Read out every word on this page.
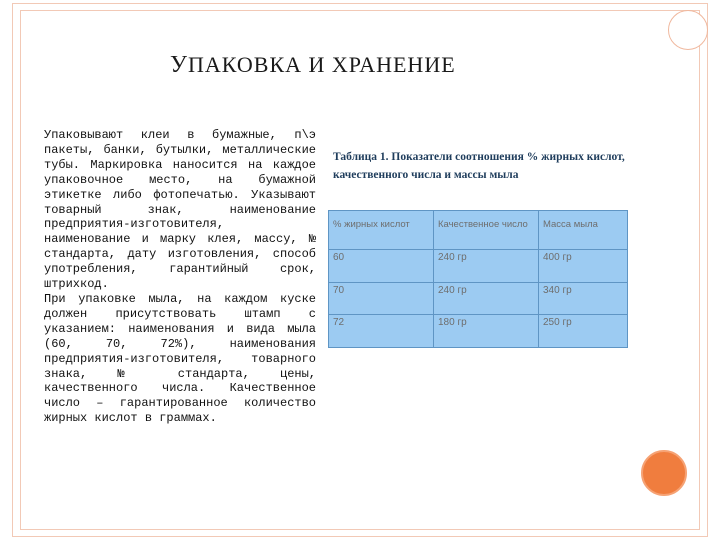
УПАКОВКА И ХРАНЕНИЕ

Упаковывают клеи в бумажные, п\э пакеты, банки, бутылки, металлические тубы. Маркировка наносится на каждое упаковочное место, на бумажной этикетке либо фотопечатью. Указывают товарный знак, наименование предприятия-изготовителя, наименование и марку клея, массу, № стандарта, дату изготовления, способ употребления, гарантийный срок, штрихкод.

При упаковке мыла, на каждом куске должен присутствовать штамп с указанием: наименования и вида мыла (60, 70, 72%), наименования предприятия-изготовителя, товарного знака, № стандарта, цены, качественного числа. Качественное число – гарантированное количество жирных кислот в граммах.

Таблица 1. Показатели соотношения % жирных кислот, качественного числа и массы мыла
% жирных кислот	Качественное число	Масса мыла
60	240 гр	400 гр
70	240 гр	340 гр
72	180 гр	250 гр
